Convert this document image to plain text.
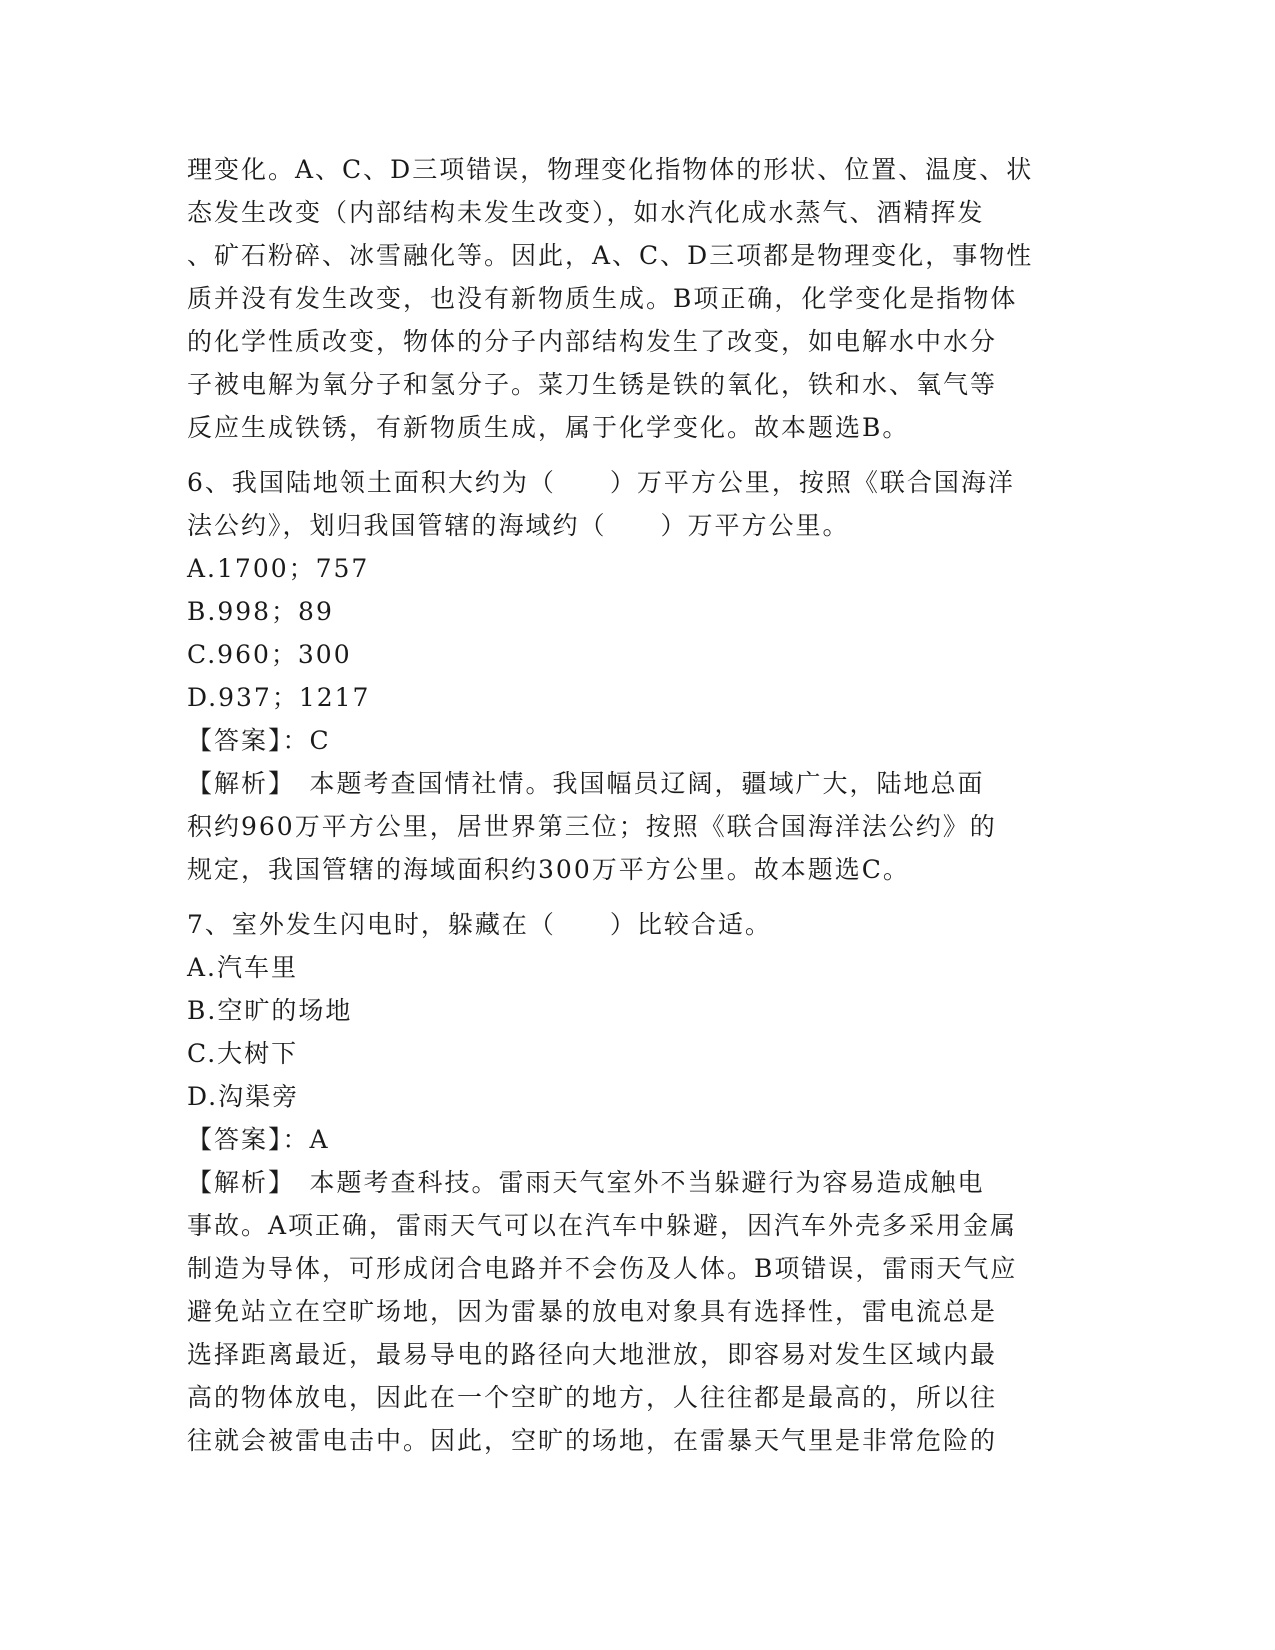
理变化。A、C、D三项错误，物理变化指物体的形状、位置、温度、状

态发生改变（内部结构未发生改变），如水汽化成水蒸气、酒精挥发

、矿石粉碎、冰雪融化等。因此，A、C、D三项都是物理变化，事物性

质并没有发生改变，也没有新物质生成。B项正确，化学变化是指物体

的化学性质改变，物体的分子内部结构发生了改变，如电解水中水分

子被电解为氧分子和氢分子。菜刀生锈是铁的氧化，铁和水、氧气等

反应生成铁锈，有新物质生成，属于化学变化。故本题选B。

6、我国陆地领土面积大约为（　　）万平方公里，按照《联合国海洋

法公约》，划归我国管辖的海域约（　　）万平方公里。

A.1700；757

B.998；89

C.960；300

D.937；1217

【答案】：C

【解析】　本题考查国情社情。我国幅员辽阔，疆域广大，陆地总面

积约960万平方公里，居世界第三位；按照《联合国海洋法公约》的

规定，我国管辖的海域面积约300万平方公里。故本题选C。

7、室外发生闪电时，躲藏在（　　）比较合适。

A.汽车里

B.空旷的场地

C.大树下

D.沟渠旁

【答案】：A

【解析】　本题考查科技。雷雨天气室外不当躲避行为容易造成触电

事故。A项正确，雷雨天气可以在汽车中躲避，因汽车外壳多采用金属

制造为导体，可形成闭合电路并不会伤及人体。B项错误，雷雨天气应

避免站立在空旷场地，因为雷暴的放电对象具有选择性，雷电流总是

选择距离最近，最易导电的路径向大地泄放，即容易对发生区域内最

高的物体放电，因此在一个空旷的地方，人往往都是最高的，所以往

往就会被雷电击中。因此，空旷的场地，在雷暴天气里是非常危险的
